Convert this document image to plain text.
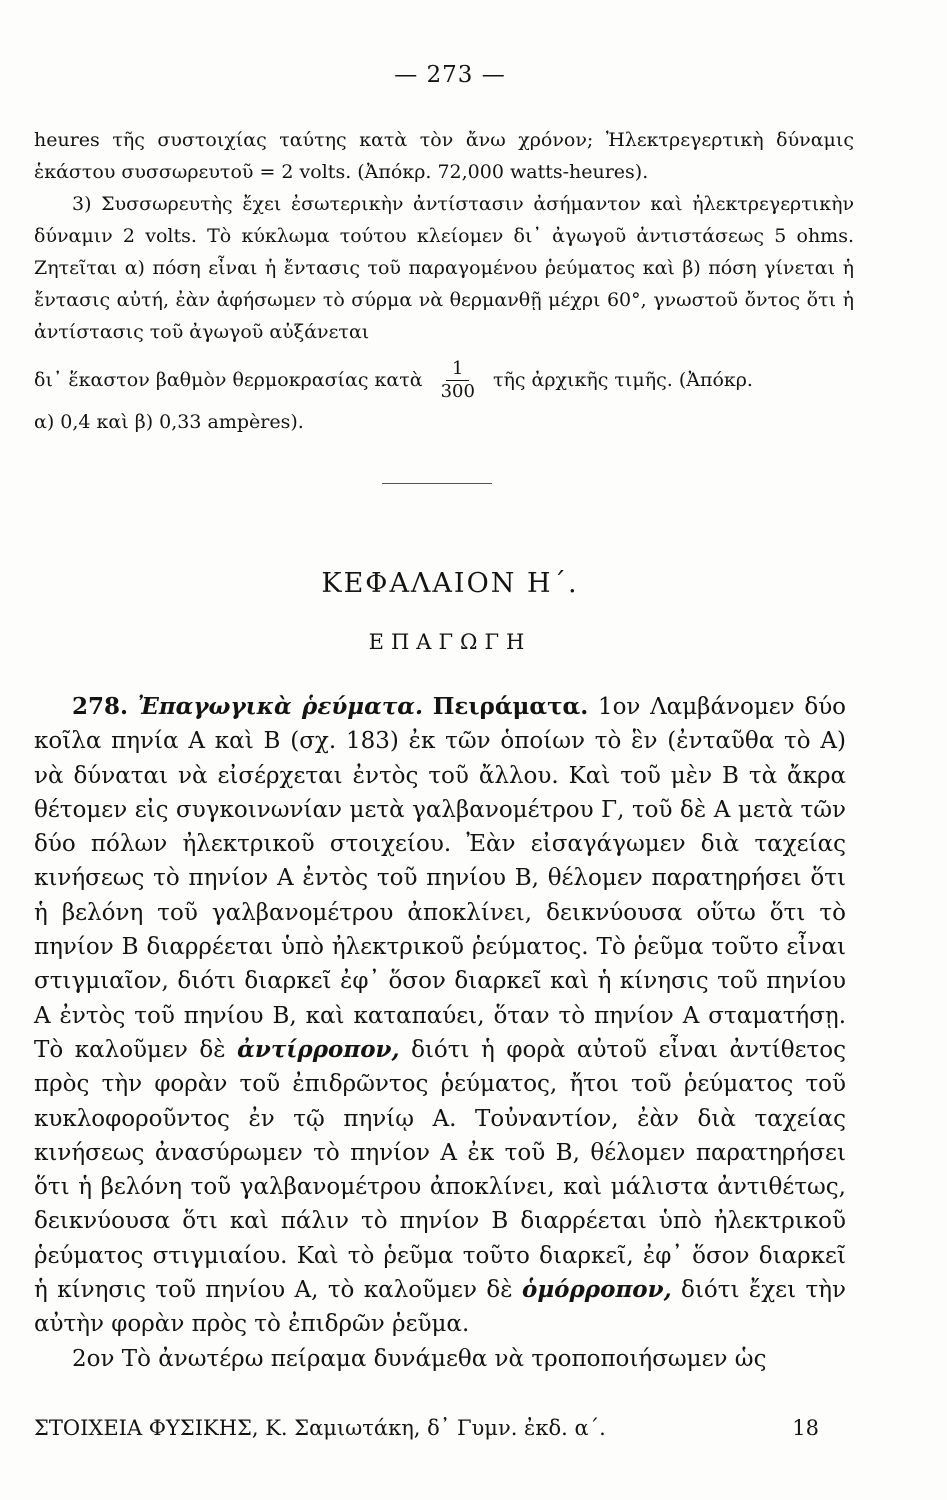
— 273 —

heures τῆς συστοιχίας ταύτης κατὰ τὸν ἄνω χρόνον; Ἠλεκτρεγερτικὴ δύναμις ἑκάστου συσσωρευτοῦ = 2 volts. (Ἀπόκρ. 72,000 watts-heures).

3) Συσσωρευτὴς ἔχει ἐσωτερικὴν ἀντίστασιν ἀσήμαντον καὶ ἠλεκτρεγερτικὴν δύναμιν 2 volts. Τὸ κύκλωμα τούτου κλείομεν δι᾿ ἀγωγοῦ ἀντιστάσεως 5 ohms. Ζητεῖται α) πόση εἶναι ἡ ἔντασις τοῦ παραγομένου ῥεύματος καὶ β) πόση γίνεται ἡ ἔντασις αὐτή, ἐὰν ἀφήσωμεν τὸ σύρμα νὰ θερμανθῇ μέχρι 60°, γνωστοῦ ὄντος ὅτι ἡ ἀντίστασις τοῦ ἀγωγοῦ αὐξάνεται

δι᾿ ἕκαστον βαθμὸν θερμοκρασίας κατὰ $\frac{1}{300}$ τῆς ἀρχικῆς τιμῆς. (Ἀπόκρ.

α) 0,4 καὶ β) 0,33 ampères).

ΚΕΦΑΛΑΙΟΝ Η΄.
ΕΠΑΓΩΓΗ

278. Ἐπαγωγικὰ ῥεύματα. Πειράματα. 1ον Λαμβάνομεν δύο κοῖλα πηνία Α καὶ Β (σχ. 183) ἐκ τῶν ὁποίων τὸ ἓν (ἐνταῦθα τὸ Α) νὰ δύναται νὰ εἰσέρχεται ἐντὸς τοῦ ἄλλου. Καὶ τοῦ μὲν Β τὰ ἄκρα θέτομεν εἰς συγκοινωνίαν μετὰ γαλβανομέτρου Γ, τοῦ δὲ Α μετὰ τῶν δύο πόλων ἠλεκτρικοῦ στοιχείου. Ἐὰν εἰσαγάγωμεν διὰ ταχείας κινήσεως τὸ πηνίον Α ἐντὸς τοῦ πηνίου Β, θέλομεν παρατηρήσει ὅτι ἡ βελόνη τοῦ γαλβανομέτρου ἀποκλίνει, δεικνύουσα οὕτω ὅτι τὸ πηνίον Β διαρρέεται ὑπὸ ἠλεκτρικοῦ ῥεύματος. Τὸ ῥεῦμα τοῦτο εἶναι στιγμιαῖον, διότι διαρκεῖ ἐφ᾿ ὅσον διαρκεῖ καὶ ἡ κίνησις τοῦ πηνίου Α ἐντὸς τοῦ πηνίου Β, καὶ καταπαύει, ὅταν τὸ πηνίον Α σταματήσῃ. Τὸ καλοῦμεν δὲ ἀντίρροπον, διότι ἡ φορὰ αὐτοῦ εἶναι ἀντίθετος πρὸς τὴν φορὰν τοῦ ἐπιδρῶντος ῥεύματος, ἤτοι τοῦ ῥεύματος τοῦ κυκλοφοροῦντος ἐν τῷ πηνίῳ Α. Τοὐναντίον, ἐὰν διὰ ταχείας κινήσεως ἀνασύρωμεν τὸ πηνίον Α ἐκ τοῦ Β, θέλομεν παρατηρήσει ὅτι ἡ βελόνη τοῦ γαλβανομέτρου ἀποκλίνει, καὶ μάλιστα ἀντιθέτως, δεικνύουσα ὅτι καὶ πάλιν τὸ πηνίον Β διαρρέεται ὑπὸ ἠλεκτρικοῦ ῥεύματος στιγμιαίου. Καὶ τὸ ῥεῦμα τοῦτο διαρκεῖ, ἐφ᾿ ὅσον διαρκεῖ ἡ κίνησις τοῦ πηνίου Α, τὸ καλοῦμεν δὲ ὁμόρροπον, διότι ἔχει τὴν αὐτὴν φορὰν πρὸς τὸ ἐπιδρῶν ῥεῦμα.

2ον Τὸ ἀνωτέρω πείραμα δυνάμεθα νὰ τροποποιήσωμεν ὡς

ΣΤΟΙΧΕΙΑ ΦΥΣΙΚΗΣ, Κ. Σαμιωτάκη, δ᾿ Γυμν. ἐκδ. α΄.	18
